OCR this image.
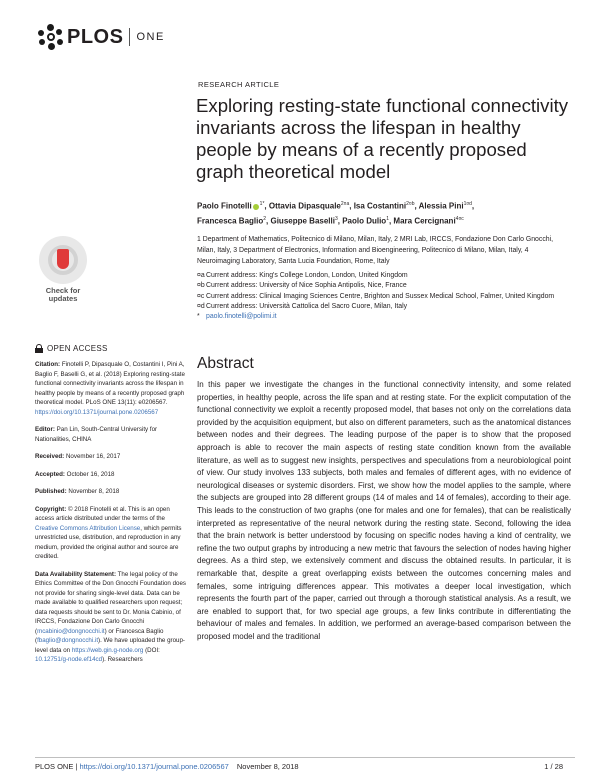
PLOS ONE
RESEARCH ARTICLE
Exploring resting-state functional connectivity invariants across the lifespan in healthy people by means of a recently proposed graph theoretical model
Paolo Finotelli $^{1*}$, Ottavia Dipasquale$^{2¤a}$, Isa Costantini$^{2¤b}$, Alessia Pini$^{1¤d}$,
Francesca Baglio$^2$, Giuseppe Baselli$^3$, Paolo Dulio$^1$, Mara Cercignani$^{4¤c}$
1 Department of Mathematics, Politecnico di Milano, Milan, Italy, 2 MRI Lab, IRCCS, Fondazione Don Carlo Gnocchi, Milan, Italy, 3 Department of Electronics, Information and Bioengineering, Politecnico di Milano, Milan, Italy, 4 Neuroimaging Laboratory, Santa Lucia Foundation, Rome, Italy
¤a Current address: King's College London, London, United Kingdom
¤b Current address: University of Nice Sophia Antipolis, Nice, France
¤c Current address: Clinical Imaging Sciences Centre, Brighton and Sussex Medical School, Falmer, United Kingdom
¤d Current address: Università Cattolica del Sacro Cuore, Milan, Italy
* paolo.finotelli@polimi.it
Check for
updates
OPEN ACCESS

Citation: Finotelli P, Dipasquale O, Costantini I, Pini A, Baglio F, Baselli G, et al. (2018) Exploring resting-state functional connectivity invariants across the lifespan in healthy people by means of a recently proposed graph theoretical model. PLoS ONE 13(11): e0206567. https://doi.org/10.1371/journal.pone.0206567

Editor: Pan Lin, South-Central University for Nationalities, CHINA

Received: November 16, 2017

Accepted: October 16, 2018

Published: November 8, 2018

Copyright: © 2018 Finotelli et al. This is an open access article distributed under the terms of the Creative Commons Attribution License, which permits unrestricted use, distribution, and reproduction in any medium, provided the original author and source are credited.

Data Availability Statement: The legal policy of the Ethics Committee of the Don Gnocchi Foundation does not provide for sharing single-level data. Data can be made available to qualified researchers upon request; data requests should be sent to Dr. Monia Cabinio, of IRCCS, Fondazione Don Carlo Gnocchi (mcabinio@dongnocchi.it) or Francesca Baglio (fbaglio@dongnocchi.it). We have uploaded the group-level data on https://web.gin.g-node.org (DOI: 10.12751/g-node.ef14cd). Researchers

Abstract
In this paper we investigate the changes in the functional connectivity intensity, and some related properties, in healthy people, across the life span and at resting state. For the explicit computation of the functional connectivity we exploit a recently proposed model, that bases not only on the correlations data provided by the acquisition equipment, but also on different parameters, such as the anatomical distances between nodes and their degrees. The leading purpose of the paper is to show that the proposed approach is able to recover the main aspects of resting state condition known from the available literature, as well as to suggest new insights, perspectives and speculations from a neurobiological point of view. Our study involves 133 subjects, both males and females of different ages, with no evidence of neurological diseases or systemic disorders. First, we show how the model applies to the sample, where the subjects are grouped into 28 different groups (14 of males and 14 of females), according to their age. This leads to the construction of two graphs (one for males and one for females), that can be realistically interpreted as representative of the neural network during the resting state. Second, following the idea that the brain network is better understood by focusing on specific nodes having a kind of centrality, we refine the two output graphs by introducing a new metric that favours the selection of nodes having higher degrees. As a third step, we extensively comment and discuss the obtained results. In particular, it is remarkable that, despite a great overlapping exists between the outcomes concerning males and females, some intriguing differences appear. This motivates a deeper local investigation, which represents the fourth part of the paper, carried out through a thorough statistical analysis. As a result, we are enabled to support that, for two special age groups, a few links contribute in differentiating the behaviour of males and females. In addition, we performed an average-based comparison between the proposed model and the traditional
PLOS ONE | https://doi.org/10.1371/journal.pone.0206567 November 8, 2018	1 / 28
